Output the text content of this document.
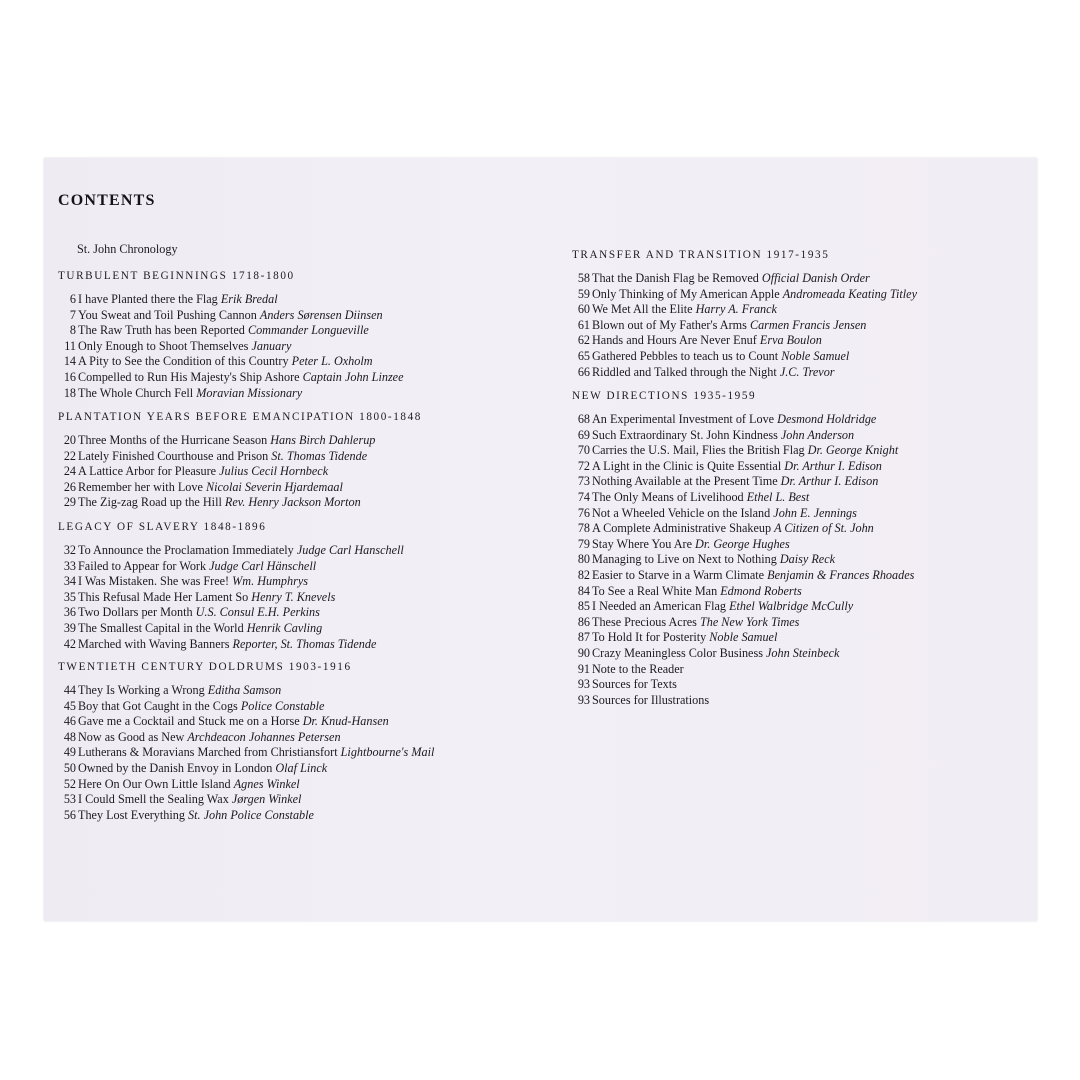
CONTENTS
St. John Chronology
TURBULENT BEGINNINGS 1718-1800
6 I have Planted there the Flag Erik Bredal
7 You Sweat and Toil Pushing Cannon Anders Sørensen Diinsen
8 The Raw Truth has been Reported Commander Longueville
11 Only Enough to Shoot Themselves January
14 A Pity to See the Condition of this Country Peter L. Oxholm
16 Compelled to Run His Majesty's Ship Ashore Captain John Linzee
18 The Whole Church Fell Moravian Missionary
PLANTATION YEARS BEFORE EMANCIPATION 1800-1848
20 Three Months of the Hurricane Season Hans Birch Dahlerup
22 Lately Finished Courthouse and Prison St. Thomas Tidende
24 A Lattice Arbor for Pleasure Julius Cecil Hornbeck
26 Remember her with Love Nicolai Severin Hjardemaal
29 The Zig-zag Road up the Hill Rev. Henry Jackson Morton
LEGACY OF SLAVERY 1848-1896
32 To Announce the Proclamation Immediately Judge Carl Hanschell
33 Failed to Appear for Work Judge Carl Hänschell
34 I Was Mistaken. She was Free! Wm. Humphrys
35 This Refusal Made Her Lament So Henry T. Knevels
36 Two Dollars per Month U.S. Consul E.H. Perkins
39 The Smallest Capital in the World Henrik Cavling
42 Marched with Waving Banners Reporter, St. Thomas Tidende
TWENTIETH CENTURY DOLDRUMS 1903-1916
44 They Is Working a Wrong Editha Samson
45 Boy that Got Caught in the Cogs Police Constable
46 Gave me a Cocktail and Stuck me on a Horse Dr. Knud-Hansen
48 Now as Good as New Archdeacon Johannes Petersen
49 Lutherans & Moravians Marched from Christiansfort Lightbourne's Mail
50 Owned by the Danish Envoy in London Olaf Linck
52 Here On Our Own Little Island Agnes Winkel
53 I Could Smell the Sealing Wax Jørgen Winkel
56 They Lost Everything St. John Police Constable
TRANSFER AND TRANSITION 1917-1935
58 That the Danish Flag be Removed Official Danish Order
59 Only Thinking of My American Apple Andromeada Keating Titley
60 We Met All the Elite Harry A. Franck
61 Blown out of My Father's Arms Carmen Francis Jensen
62 Hands and Hours Are Never Enuf Erva Boulon
65 Gathered Pebbles to teach us to Count Noble Samuel
66 Riddled and Talked through the Night J.C. Trevor
NEW DIRECTIONS 1935-1959
68 An Experimental Investment of Love Desmond Holdridge
69 Such Extraordinary St. John Kindness John Anderson
70 Carries the U.S. Mail, Flies the British Flag Dr. George Knight
72 A Light in the Clinic is Quite Essential Dr. Arthur I. Edison
73 Nothing Available at the Present Time Dr. Arthur I. Edison
74 The Only Means of Livelihood Ethel L. Best
76 Not a Wheeled Vehicle on the Island John E. Jennings
78 A Complete Administrative Shakeup A Citizen of St. John
79 Stay Where You Are Dr. George Hughes
80 Managing to Live on Next to Nothing Daisy Reck
82 Easier to Starve in a Warm Climate Benjamin & Frances Rhoades
84 To See a Real White Man Edmond Roberts
85 I Needed an American Flag Ethel Walbridge McCully
86 These Precious Acres The New York Times
87 To Hold It for Posterity Noble Samuel
90 Crazy Meaningless Color Business John Steinbeck
91 Note to the Reader
93 Sources for Texts
93 Sources for Illustrations
